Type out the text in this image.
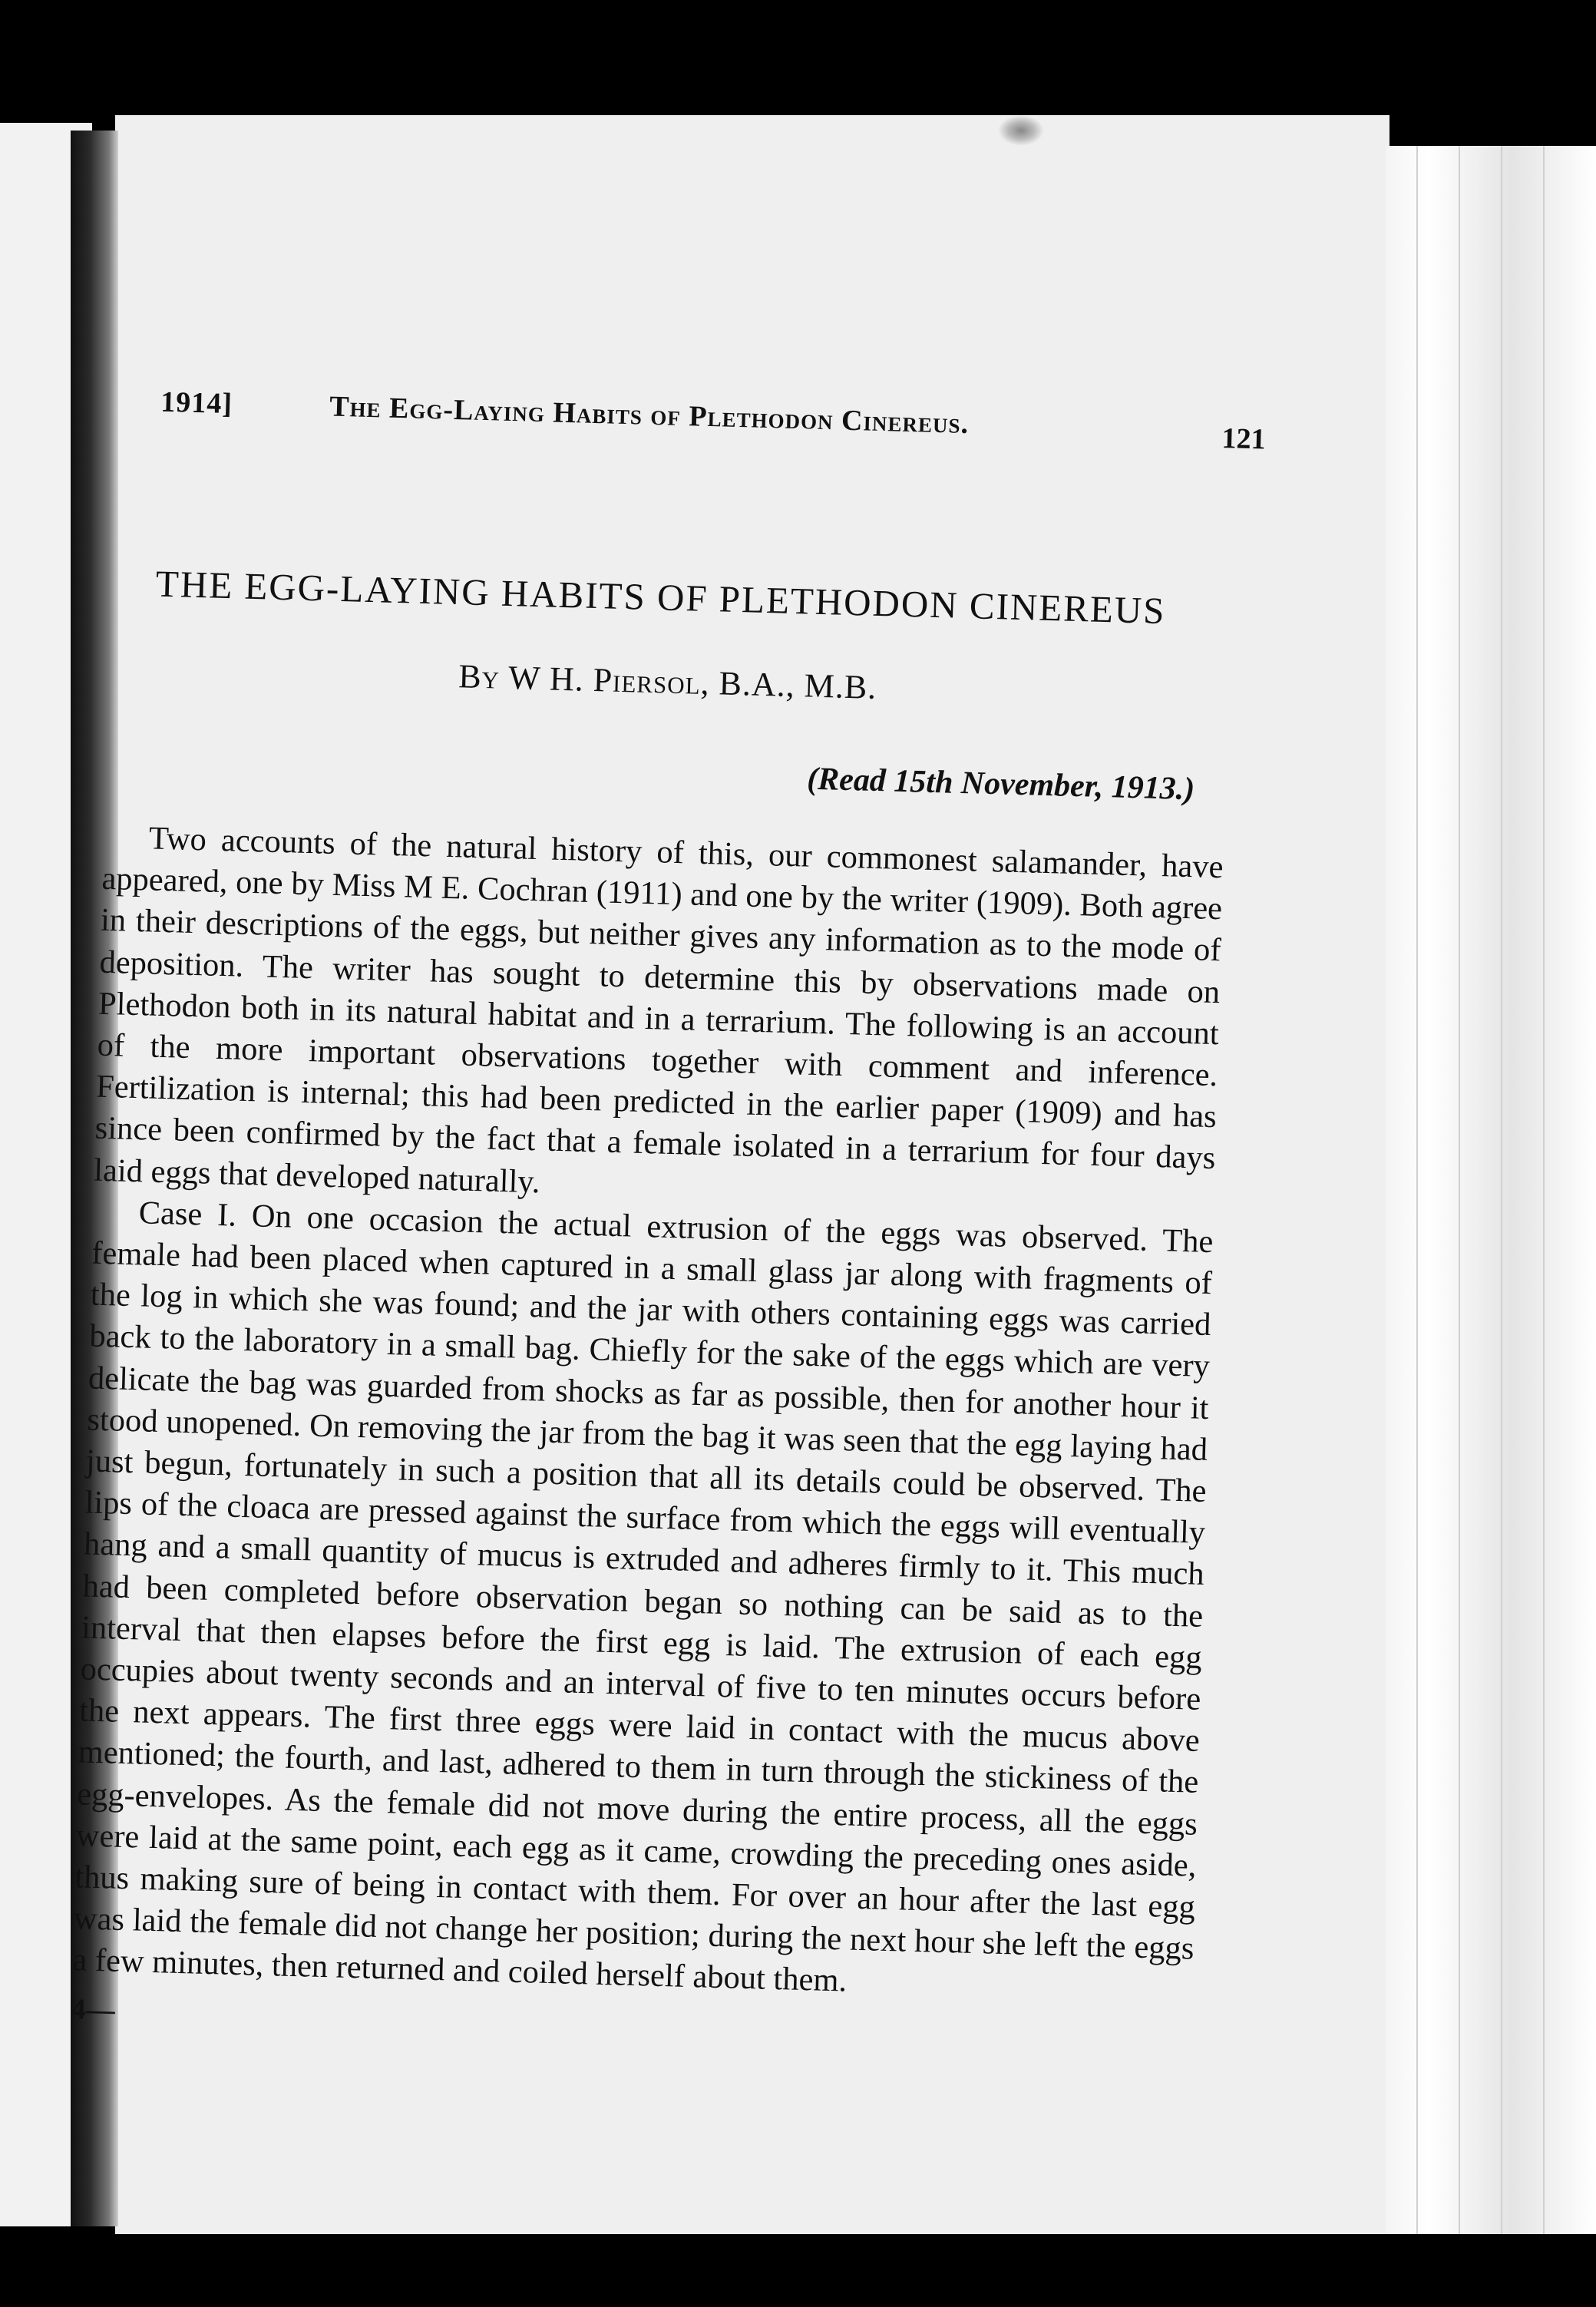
1914]	The Egg-Laying Habits of Plethodon Cinereus.	121
THE EGG-LAYING HABITS OF PLETHODON CINEREUS
By W H. Piersol, B.A., M.B.
(Read 15th November, 1913.)

Two accounts of the natural history of this, our commonest salamander, have appeared, one by Miss M E. Cochran (1911) and one by the writer (1909). Both agree in their descriptions of the eggs, but neither gives any information as to the mode of deposition. The writer has sought to determine this by observations made on Plethodon both in its natural habitat and in a terrarium. The following is an account of the more important observations together with comment and inference. Fertilization is internal; this had been predicted in the earlier paper (1909) and has since been confirmed by the fact that a female isolated in a terrarium for four days laid eggs that developed naturally.

Case I. On one occasion the actual extrusion of the eggs was observed. The female had been placed when captured in a small glass jar along with fragments of the log in which she was found; and the jar with others containing eggs was carried back to the laboratory in a small bag. Chiefly for the sake of the eggs which are very delicate the bag was guarded from shocks as far as possible, then for another hour it stood unopened. On removing the jar from the bag it was seen that the egg laying had just begun, fortunately in such a position that all its details could be observed. The lips of the cloaca are pressed against the surface from which the eggs will eventually hang and a small quantity of mucus is extruded and adheres firmly to it. This much had been completed before observation began so nothing can be said as to the interval that then elapses before the first egg is laid. The extrusion of each egg occupies about twenty seconds and an interval of five to ten minutes occurs before the next appears. The first three eggs were laid in contact with the mucus above mentioned; the fourth, and last, adhered to them in turn through the stickiness of the egg-envelopes. As the female did not move during the entire process, all the eggs were laid at the same point, each egg as it came, crowding the preceding ones aside, thus making sure of being in contact with them. For over an hour after the last egg was laid the female did not change her position; during the next hour she left the eggs a few minutes, then returned and coiled herself about them.

4—
